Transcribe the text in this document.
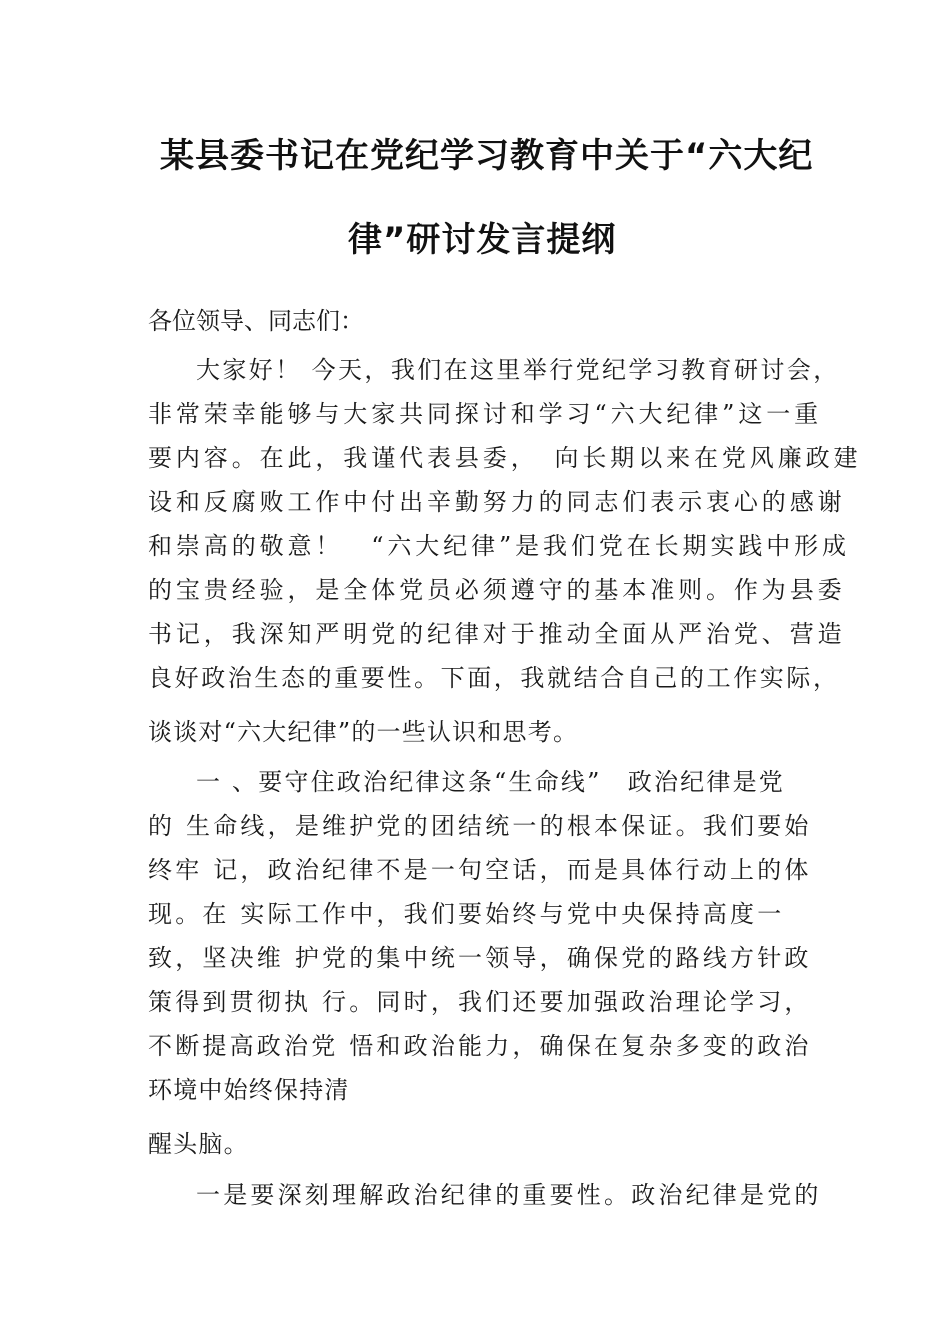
某县委书记在党纪学习教育中关于“六大纪
律”研讨发言提纲
各位领导、同志们：
大家好！ 今天，我们在这里举行党纪学习教育研讨会，
非常荣幸能够与大家共同探讨和学习“六大纪律”这一重
要内容。在此，我谨代表县委，　向长期以来在党风廉政建
设和反腐败工作中付出辛勤努力的同志们表示衷心的感谢
和崇高的敬意！　“六大纪律”是我们党在长期实践中形成
的宝贵经验，是全体党员必须遵守的基本准则。作为县委
书记，我深知严明党的纪律对于推动全面从严治党、营造
良好政治生态的重要性。下面，我就结合自己的工作实际，
谈谈对“六大纪律”的一些认识和思考。
一 、要守住政治纪律这条“生命线”　政治纪律是党
的 生命线，是维护党的团结统一的根本保证。我们要始
终牢 记，政治纪律不是一句空话，而是具体行动上的体
现。在 实际工作中，我们要始终与党中央保持高度一
致，坚决维 护党的集中统一领导，确保党的路线方针政
策得到贯彻执 行。同时，我们还要加强政治理论学习，
不断提高政治党 悟和政治能力，确保在复杂多变的政治
环境中始终保持清
醒头脑。
一是要深刻理解政治纪律的重要性。政治纪律是党的
